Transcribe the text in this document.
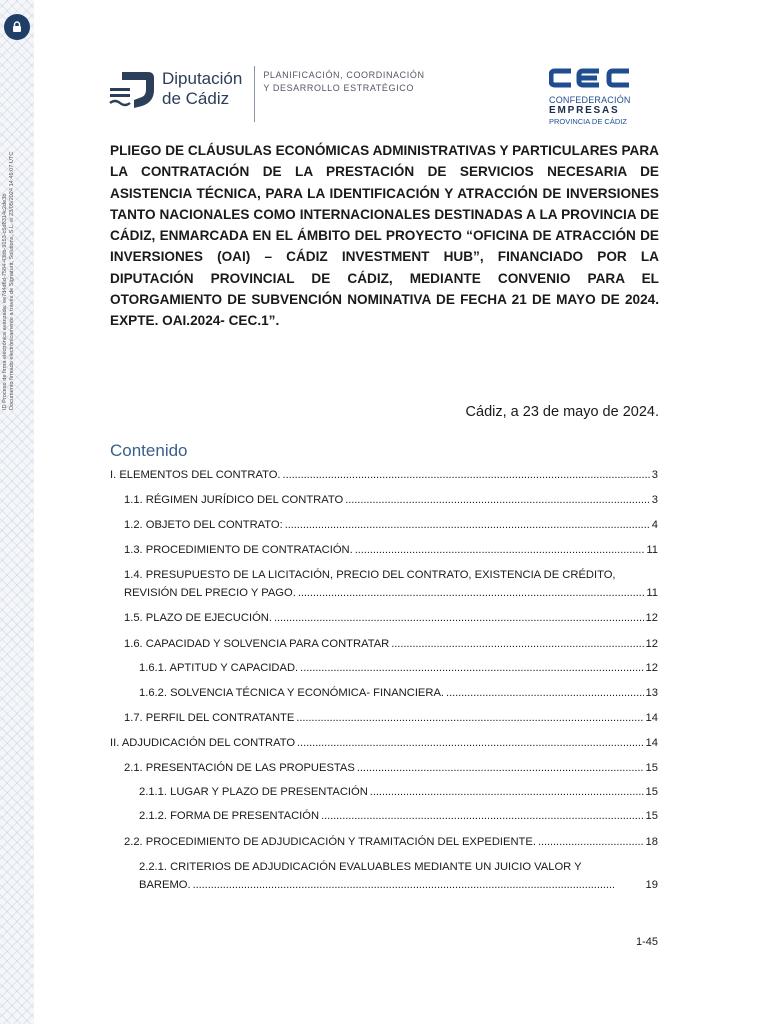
ID Proceso de firma electrónica avanzada: ee7d4d6d-7584-43bb-9153-c5d8314c2de3b Documento firmado electrónicamente a través de Signaturit, Solutions, S.L. el 23/05/2024 14:45:07 UTC
Diputación
de Cádiz
PLANIFICACIÓN, COORDINACIÓN
Y DESARROLLO ESTRATÉGICO
CONFEDERACIÓN
EMPRESAS
PROVINCIA DE CÁDIZ
PLIEGO DE CLÁUSULAS ECONÓMICAS ADMINISTRATIVAS Y PARTICULARES PARA LA CONTRATACIÓN DE LA PRESTACIÓN DE SERVICIOS NECESARIA DE ASISTENCIA TÉCNICA, PARA LA IDENTIFICACIÓN Y ATRACCIÓN DE INVERSIONES TANTO NACIONALES COMO INTERNACIONALES DESTINADAS A LA PROVINCIA DE CÁDIZ, ENMARCADA EN EL ÁMBITO DEL PROYECTO “OFICINA DE ATRACCIÓN DE INVERSIONES (OAI) – CÁDIZ INVESTMENT HUB”, FINANCIADO POR LA DIPUTACIÓN PROVINCIAL DE CÁDIZ, MEDIANTE CONVENIO PARA EL OTORGAMIENTO DE SUBVENCIÓN NOMINATIVA DE FECHA 21 DE MAYO DE 2024. EXPTE. OAI.2024- CEC.1”.
Cádiz, a 23 de mayo de 2024.
Contenido
I. ELEMENTOS DEL CONTRATO. . . .	3
1.1. RÉGIMEN JURÍDICO DEL CONTRATO . . .	3
1.2. OBJETO DEL CONTRATO: . . .	4
1.3. PROCEDIMIENTO DE CONTRATACIÓN. . . .	11
1.4. PRESUPUESTO DE LA LICITACIÓN, PRECIO DEL CONTRATO, EXISTENCIA DE CRÉDITO,
REVISIÓN DEL PRECIO Y PAGO. . . .	11
1.5. PLAZO DE EJECUCIÓN. . . .	12
1.6. CAPACIDAD Y SOLVENCIA PARA CONTRATAR . . .	12
1.6.1. APTITUD Y CAPACIDAD. . . .	12
1.6.2. SOLVENCIA TÉCNICA Y ECONÓMICA- FINANCIERA. . . .	13
1.7. PERFIL DEL CONTRATANTE . . .	14
II. ADJUDICACIÓN DEL CONTRATO . . .	14
2.1. PRESENTACIÓN DE LAS PROPUESTAS . . .	15
2.1.1. LUGAR Y PLAZO DE PRESENTACIÓN . . .	15
2.1.2. FORMA DE PRESENTACIÓN . . .	15
2.2. PROCEDIMIENTO DE ADJUDICACIÓN Y TRAMITACIÓN DEL EXPEDIENTE. . . .	18
2.2.1. CRITERIOS DE ADJUDICACIÓN EVALUABLES MEDIANTE UN JUICIO VALOR Y
BAREMO. . . .	19
1-45
